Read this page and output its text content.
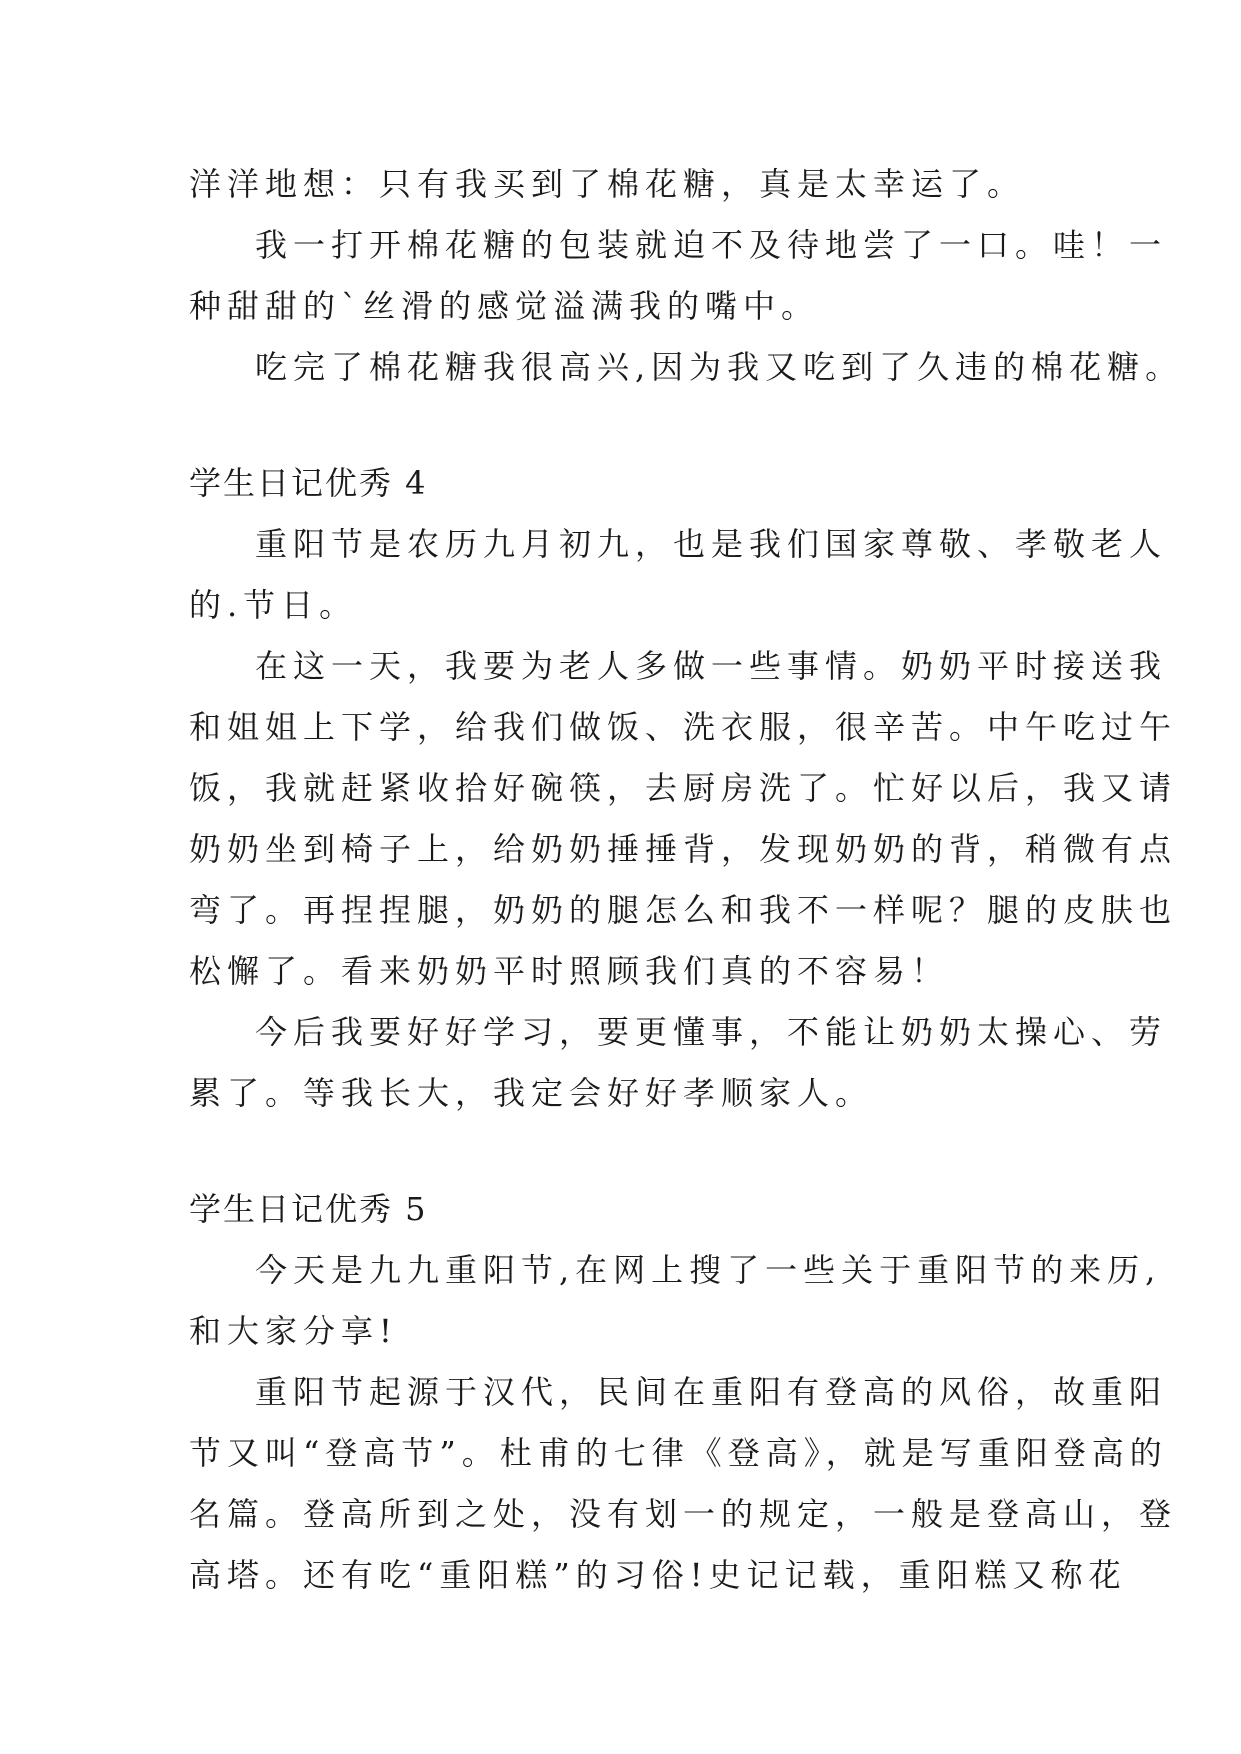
洋洋地想：只有我买到了棉花糖，真是太幸运了。
我一打开棉花糖的包装就迫不及待地尝了一口。哇！一
种甜甜的`丝滑的感觉溢满我的嘴中。
吃完了棉花糖我很高兴,因为我又吃到了久违的棉花糖。
学生日记优秀 4
重阳节是农历九月初九，也是我们国家尊敬、孝敬老人
的.节日。
在这一天，我要为老人多做一些事情。奶奶平时接送我
和姐姐上下学，给我们做饭、洗衣服，很辛苦。中午吃过午
饭，我就赶紧收拾好碗筷，去厨房洗了。忙好以后，我又请
奶奶坐到椅子上，给奶奶捶捶背，发现奶奶的背，稍微有点
弯了。再捏捏腿，奶奶的腿怎么和我不一样呢？腿的皮肤也
松懈了。看来奶奶平时照顾我们真的不容易！
今后我要好好学习，要更懂事，不能让奶奶太操心、劳
累了。等我长大，我定会好好孝顺家人。
学生日记优秀 5
今天是九九重阳节,在网上搜了一些关于重阳节的来历,
和大家分享!
重阳节起源于汉代，民间在重阳有登高的风俗，故重阳
节又叫“登高节”。杜甫的七律《登高》，就是写重阳登高的
名篇。登高所到之处，没有划一的规定，一般是登高山，登
高塔。还有吃“重阳糕”的习俗!史记记载，重阳糕又称花
